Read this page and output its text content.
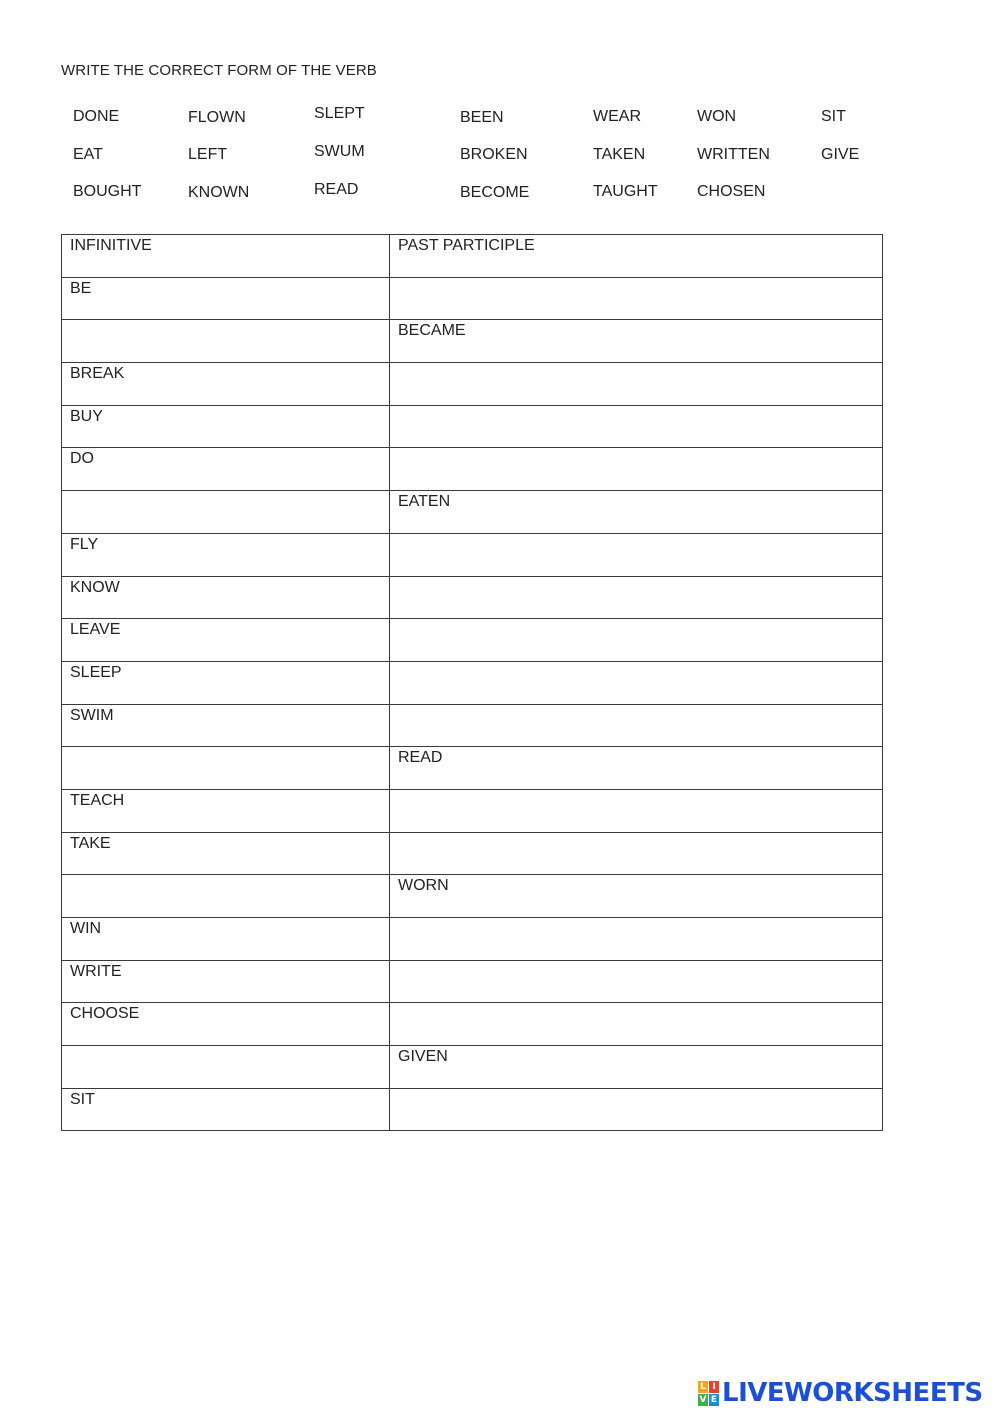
WRITE THE CORRECT FORM OF THE VERB
DONE
EAT
BOUGHT
FLOWN
LEFT
KNOWN
SLEPT
SWUM
READ
BEEN
BROKEN
BECOME
WEAR
TAKEN
TAUGHT
WON
WRITTEN
CHOSEN
SIT
GIVE
INFINITIVE	PAST PARTICIPLE
BE	
	BECAME
BREAK	
BUY	
DO	
	EATEN
FLY	
KNOW	
LEAVE	
SLEEP	
SWIM	
	READ
TEACH	
TAKE	
	WORN
WIN	
WRITE	
CHOOSE	
	GIVEN
SIT	
L I
V E LIVEWORKSHEETS
